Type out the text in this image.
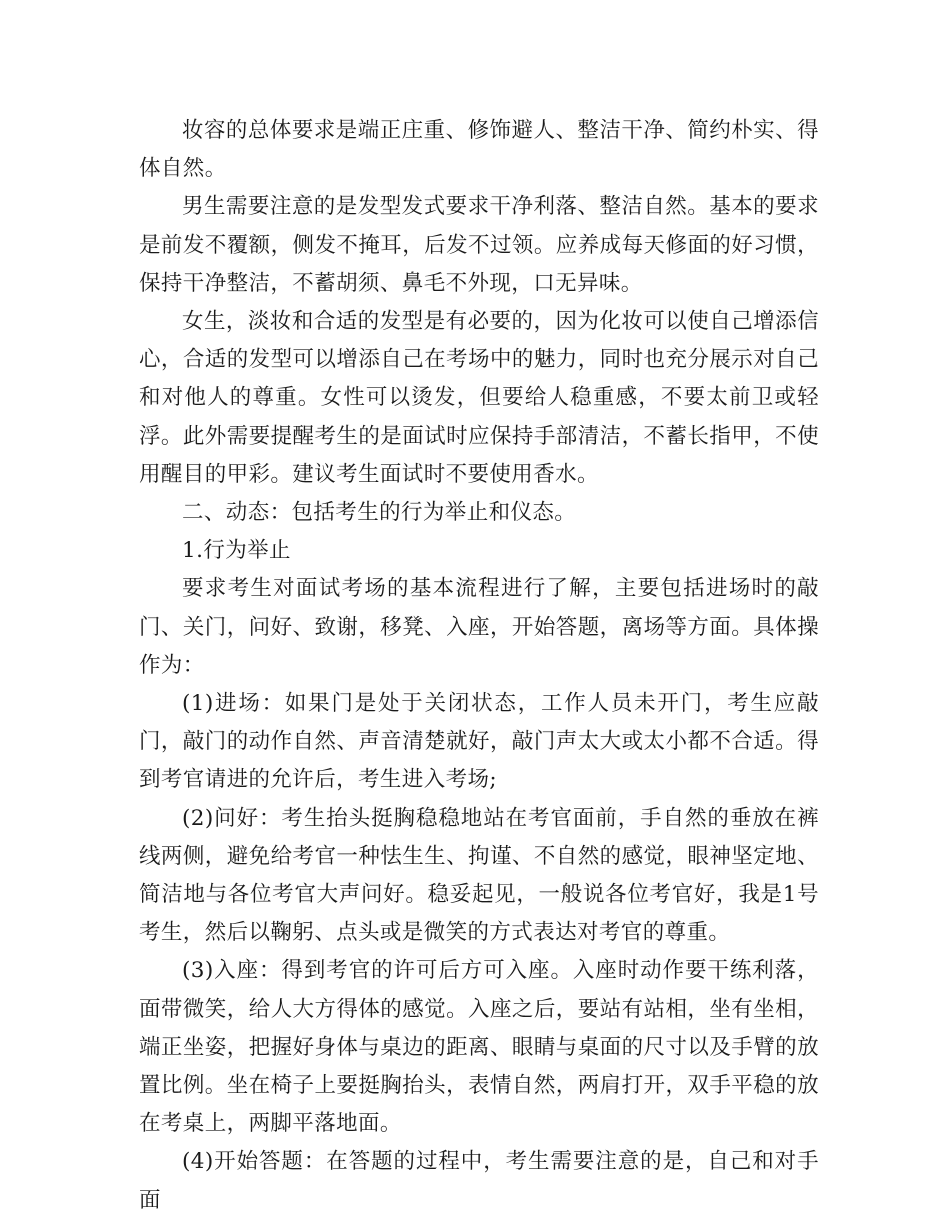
妆容的总体要求是端正庄重、修饰避人、整洁干净、简约朴实、得体自然。

男生需要注意的是发型发式要求干净利落、整洁自然。基本的要求是前发不覆额，侧发不掩耳，后发不过领。应养成每天修面的好习惯，保持干净整洁，不蓄胡须、鼻毛不外现，口无异味。

女生，淡妆和合适的发型是有必要的，因为化妆可以使自己增添信心，合适的发型可以增添自己在考场中的魅力，同时也充分展示对自己和对他人的尊重。女性可以烫发，但要给人稳重感，不要太前卫或轻浮。此外需要提醒考生的是面试时应保持手部清洁，不蓄长指甲，不使用醒目的甲彩。建议考生面试时不要使用香水。

二、动态：包括考生的行为举止和仪态。

1.行为举止

要求考生对面试考场的基本流程进行了解，主要包括进场时的敲门、关门，问好、致谢，移凳、入座，开始答题，离场等方面。具体操作为：

(1)进场：如果门是处于关闭状态，工作人员未开门，考生应敲门，敲门的动作自然、声音清楚就好，敲门声太大或太小都不合适。得到考官请进的允许后，考生进入考场;

(2)问好：考生抬头挺胸稳稳地站在考官面前，手自然的垂放在裤线两侧，避免给考官一种怯生生、拘谨、不自然的感觉，眼神坚定地、简洁地与各位考官大声问好。稳妥起见，一般说各位考官好，我是1号考生，然后以鞠躬、点头或是微笑的方式表达对考官的尊重。

(3)入座：得到考官的许可后方可入座。入座时动作要干练利落，面带微笑，给人大方得体的感觉。入座之后，要站有站相，坐有坐相，端正坐姿，把握好身体与桌边的距离、眼睛与桌面的尺寸以及手臂的放置比例。坐在椅子上要挺胸抬头，表情自然，两肩打开，双手平稳的放在考桌上，两脚平落地面。

(4)开始答题：在答题的过程中，考生需要注意的是，自己和对手面
